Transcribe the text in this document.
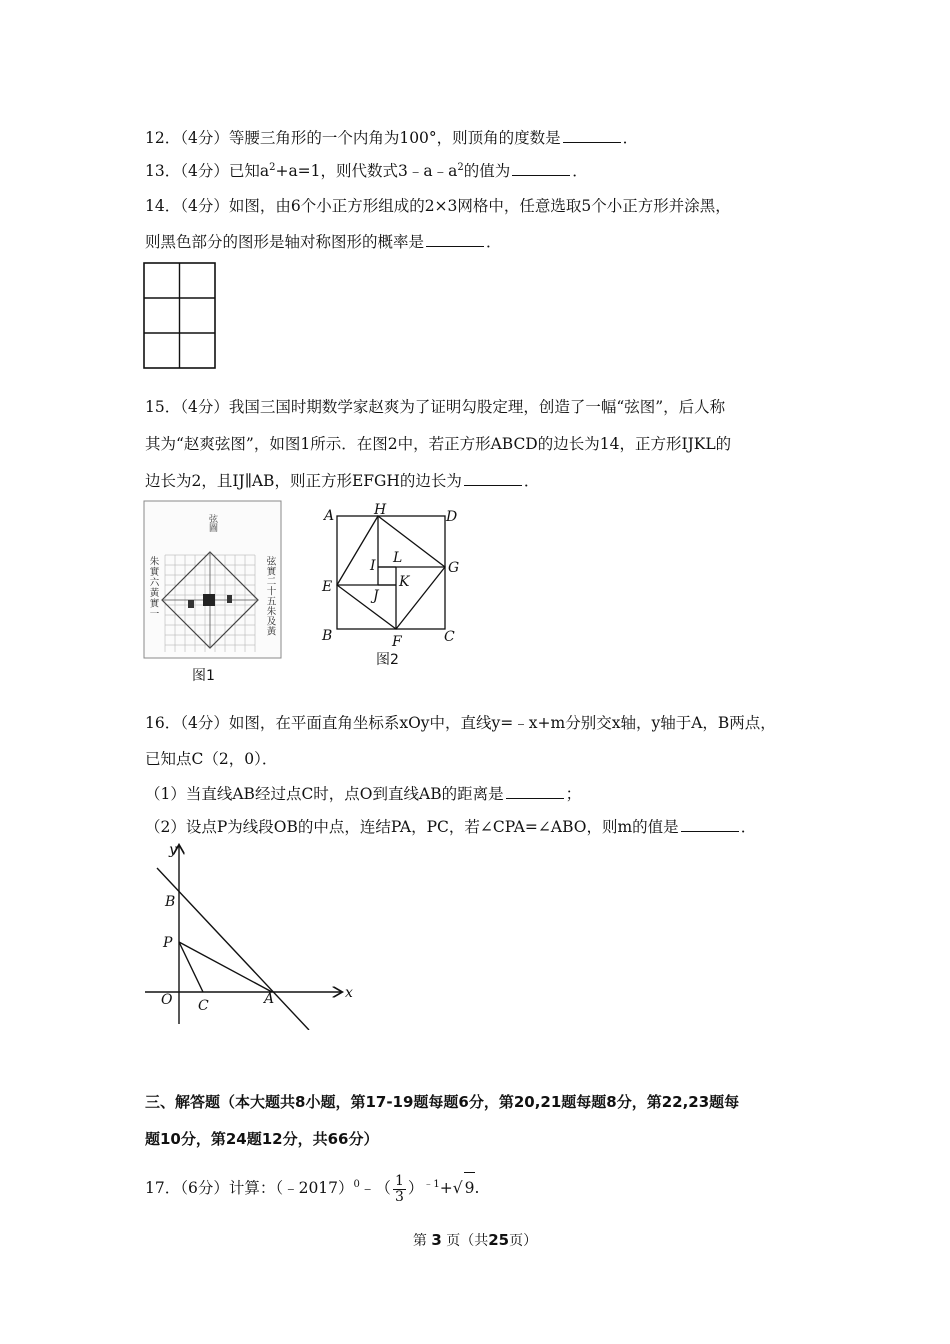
12．（4分）等腰三角形的一个内角为100°，则顶角的度数是	．
13．（4分）已知$a^2+a=1$，则代数式$3﹣a﹣a^2$的值为	．
14．（4分）如图，由6个小正方形组成的2×3网格中，任意选取5个小正方形并涂黑，
则黑色部分的图形是轴对称图形的概率是	．
15．（4分）我国三国时期数学家赵爽为了证明勾股定理，创造了一幅“弦图”，后人称
其为“赵爽弦图”，如图1所示．在图2中，若正方形ABCD的边长为14，正方形IJKL的
边长为2，且IJ∥AB，则正方形EFGH的边长为	．
弦圖
朱實六黃實一	弦實二十五朱及黃
图1
A	H	D
E
G
B	F	C
I L
K
J
图2
16．（4分）如图，在平面直角坐标系xOy中，直线y=﹣x+m分别交x轴，y轴于A，B两点，
已知点C（2，0）．
（1）当直线AB经过点C时，点O到直线AB的距离是	；
（2）设点P为线段OB的中点，连结PA，PC，若∠CPA=∠ABO，则m的值是	．
y
x
B
P
O C	A
三、解答题（本大题共8小题，第17-19题每题6分，第20,21题每题8分，第22,23题每
题10分，第24题12分，共66分）
17．（6分）计算：（﹣2017）$^0$﹣（ $\frac{1}{3} )^{﹣1}+√$ 9.
第 3 页（共25页）
